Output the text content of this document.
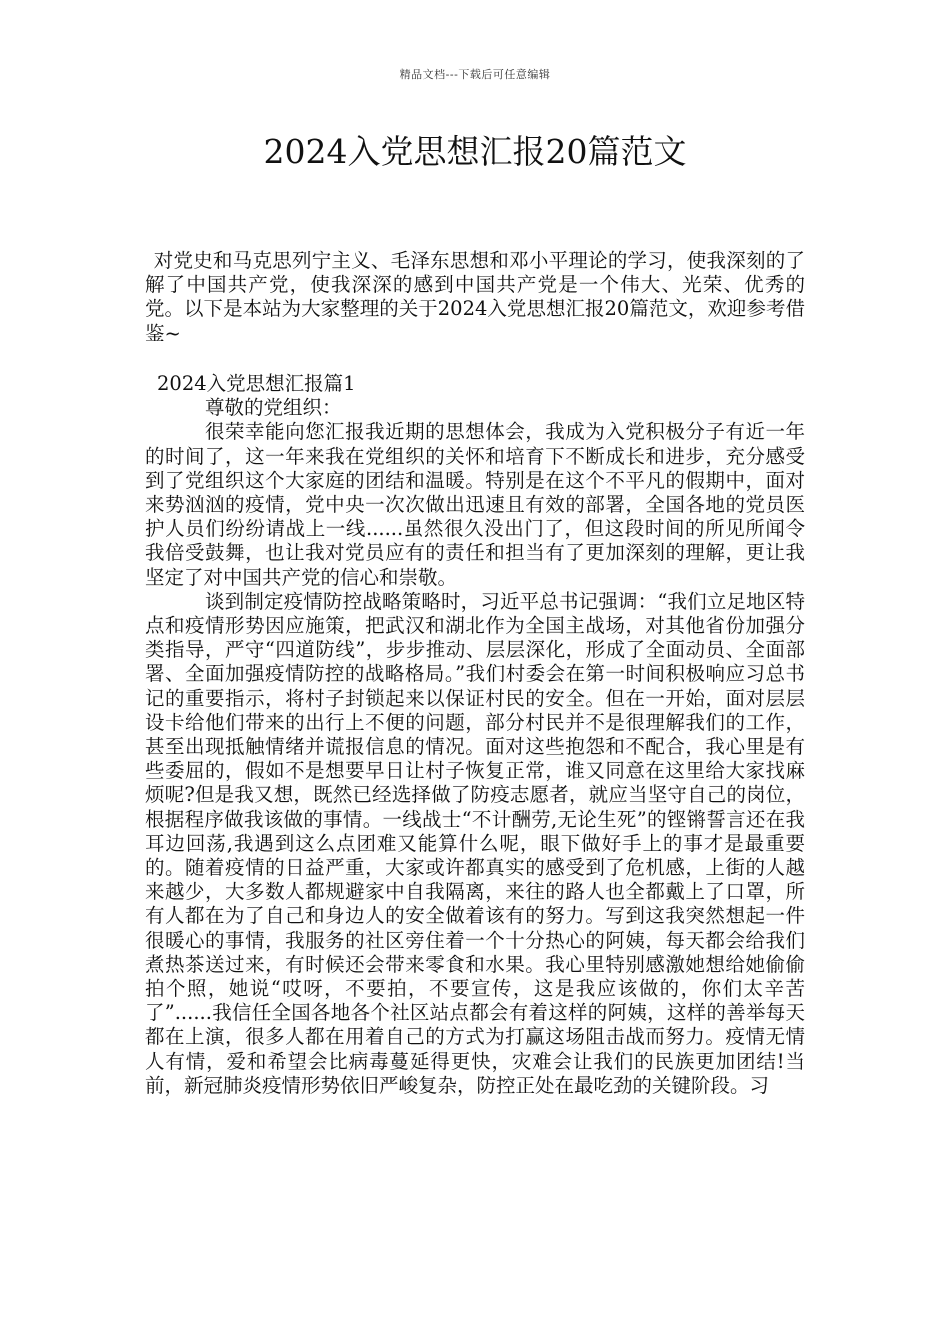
精品文档---下载后可任意编辑
2024入党思想汇报20篇范文

对党史和马克思列宁主义、毛泽东思想和邓小平理论的学习，使我深刻的了解了中国共产党，使我深深的感到中国共产党是一个伟大、光荣、优秀的党。以下是本站为大家整理的关于2024入党思想汇报20篇范文，欢迎参考借鉴~

2024入党思想汇报篇1

尊敬的党组织：

很荣幸能向您汇报我近期的思想体会，我成为入党积极分子有近一年的时间了，这一年来我在党组织的关怀和培育下不断成长和进步，充分感受到了党组织这个大家庭的团结和温暖。特别是在这个不平凡的假期中，面对来势汹汹的疫情，党中央一次次做出迅速且有效的部署，全国各地的党员医护人员们纷纷请战上一线......虽然很久没出门了，但这段时间的所见所闻令我倍受鼓舞，也让我对党员应有的责任和担当有了更加深刻的理解，更让我坚定了对中国共产党的信心和崇敬。

谈到制定疫情防控战略策略时，习近平总书记强调：“我们立足地区特点和疫情形势因应施策，把武汉和湖北作为全国主战场，对其他省份加强分类指导，严守“四道防线”，步步推动、层层深化，形成了全面动员、全面部署、全面加强疫情防控的战略格局。”我们村委会在第一时间积极响应习总书记的重要指示，将村子封锁起来以保证村民的安全。但在一开始，面对层层设卡给他们带来的出行上不便的问题，部分村民并不是很理解我们的工作，甚至出现抵触情绪并谎报信息的情况。面对这些抱怨和不配合，我心里是有些委屈的，假如不是想要早日让村子恢复正常，谁又同意在这里给大家找麻烦呢?但是我又想，既然已经选择做了防疫志愿者，就应当坚守自己的岗位，根据程序做我该做的事情。一线战士“不计酬劳,无论生死”的铿锵誓言还在我耳边回荡,我遇到这么点团难又能算什么呢，眼下做好手上的事才是最重要的。随着疫情的日益严重，大家或许都真实的感受到了危机感，上街的人越来越少，大多数人都规避家中自我隔离，来往的路人也全都戴上了口罩，所有人都在为了自己和身边人的安全做着该有的努力。写到这我突然想起一件很暖心的事情，我服务的社区旁住着一个十分热心的阿姨，每天都会给我们煮热茶送过来，有时候还会带来零食和水果。我心里特别感激她想给她偷偷拍个照，她说“哎呀，不要拍，不要宣传，这是我应该做的，你们太辛苦了”......我信任全国各地各个社区站点都会有着这样的阿姨，这样的善举每天都在上演，很多人都在用着自己的方式为打赢这场阻击战而努力。疫情无情人有情，爱和希望会比病毒蔓延得更快，灾难会让我们的民族更加团结!当前，新冠肺炎疫情形势依旧严峻复杂，防控正处在最吃劲的关键阶段。习
